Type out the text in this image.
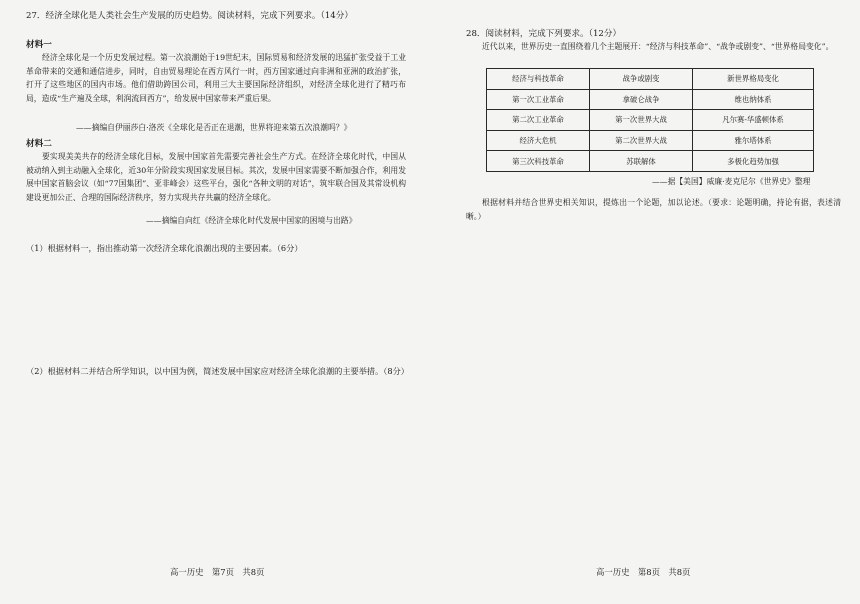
27．经济全球化是人类社会生产发展的历史趋势。阅读材料，完成下列要求。（14分）
材料一
经济全球化是一个历史发展过程。第一次浪潮始于19世纪末，国际贸易和经济发展的迅猛扩张受益于工业革命带来的交通和通信进步，同时，自由贸易理论在西方风行一时，西方国家通过向非洲和亚洲的政治扩张，打开了这些地区的国内市场。他们借助跨国公司，利用三大主要国际经济组织，对经济全球化进行了精巧布局，造成“生产遍及全球，利润流回西方”，给发展中国家带来严重后果。
——摘编自伊丽莎白·洛茨《全球化是否正在退潮，世界将迎来第五次浪潮吗？》
材料二
要实现美美共存的经济全球化目标，发展中国家首先需要完善社会生产方式。在经济全球化时代，中国从被动纳入到主动融入全球化，近30年分阶段实现国家发展目标。其次，发展中国家需要不断加强合作，利用发展中国家首脑会议（如“77国集团”、亚非峰会）这些平台，强化“各种文明的对话”，筑牢联合国及其常设机构建设更加公正、合理的国际经济秩序，努力实现共存共赢的经济全球化。
——摘编自向红《经济全球化时代发展中国家的困境与出路》
（1）根据材料一，指出推动第一次经济全球化浪潮出现的主要因素。（6分）
（2）根据材料二并结合所学知识，以中国为例，简述发展中国家应对经济全球化浪潮的主要举措。（8分）
高一历史　第7页　共8页
28．阅读材料，完成下列要求。（12分）
近代以来，世界历史一直围绕着几个主题展开：“经济与科技革命”、“战争或剧变”、“世界格局变化”。
经济与科技革命	战争或剧变	新世界格局变化
第一次工业革命	拿破仑战争	维也纳体系
第二次工业革命	第一次世界大战	凡尔赛-华盛顿体系
经济大危机	第二次世界大战	雅尔塔体系
第三次科技革命	苏联解体	多极化趋势加强
——据【美国】威廉·麦克尼尔《世界史》整理
根据材料并结合世界史相关知识，提炼出一个论题，加以论述。（要求：论题明确，持论有据，表述清晰。）
高一历史　第8页　共8页
